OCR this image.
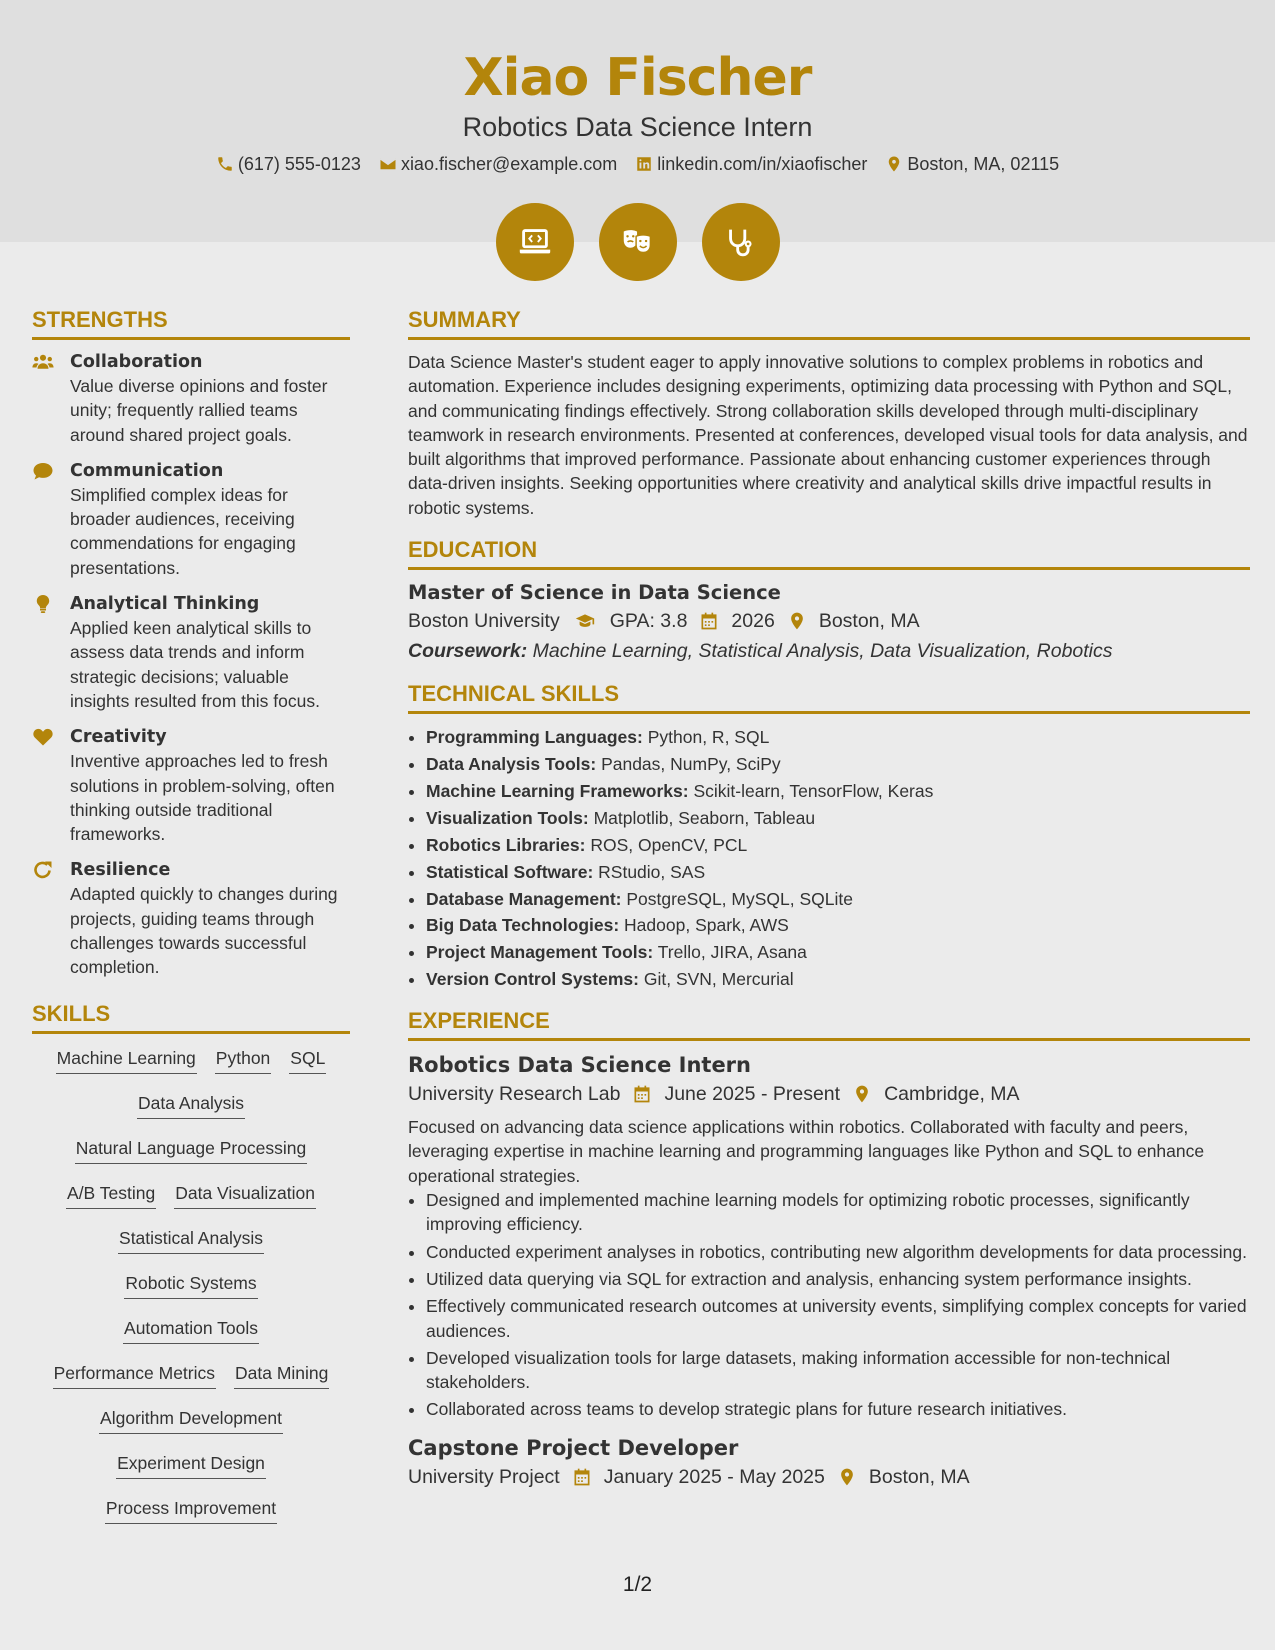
Xiao Fischer
Robotics Data Science Intern
(617) 555-0123 xiao.fischer@example.com linkedin.com/in/xiaofischer Boston, MA, 02115
STRENGTHS
Collaboration
Value diverse opinions and foster unity; frequently rallied teams around shared project goals.
Communication
Simplified complex ideas for broader audiences, receiving commendations for engaging presentations.
Analytical Thinking
Applied keen analytical skills to assess data trends and inform strategic decisions; valuable insights resulted from this focus.
Creativity
Inventive approaches led to fresh solutions in problem-solving, often thinking outside traditional frameworks.
Resilience
Adapted quickly to changes during projects, guiding teams through challenges towards successful completion.
SKILLS
Machine Learning Python SQL
Data Analysis
Natural Language Processing
A/B Testing Data Visualization
Statistical Analysis
Robotic Systems
Automation Tools
Performance Metrics Data Mining
Algorithm Development
Experiment Design
Process Improvement
SUMMARY
Data Science Master's student eager to apply innovative solutions to complex problems in robotics and automation. Experience includes designing experiments, optimizing data processing with Python and SQL, and communicating findings effectively. Strong collaboration skills developed through multi-disciplinary teamwork in research environments. Presented at conferences, developed visual tools for data analysis, and built algorithms that improved performance. Passionate about enhancing customer experiences through data-driven insights. Seeking opportunities where creativity and analytical skills drive impactful results in robotic systems.
EDUCATION
Master of Science in Data Science
Boston University	GPA: 3.8 2026 Boston, MA
Coursework: Machine Learning, Statistical Analysis, Data Visualization, Robotics
TECHNICAL SKILLS
• Programming Languages: Python, R, SQL
• Data Analysis Tools: Pandas, NumPy, SciPy
• Machine Learning Frameworks: Scikit-learn, TensorFlow, Keras
• Visualization Tools: Matplotlib, Seaborn, Tableau
• Robotics Libraries: ROS, OpenCV, PCL
• Statistical Software: RStudio, SAS
• Database Management: PostgreSQL, MySQL, SQLite
• Big Data Technologies: Hadoop, Spark, AWS
• Project Management Tools: Trello, JIRA, Asana
• Version Control Systems: Git, SVN, Mercurial
EXPERIENCE
Robotics Data Science Intern
University Research Lab June 2025 - Present Cambridge, MA
Focused on advancing data science applications within robotics. Collaborated with faculty and peers, leveraging expertise in machine learning and programming languages like Python and SQL to enhance operational strategies.
• Designed and implemented machine learning models for optimizing robotic processes, significantly improving efficiency.
• Conducted experiment analyses in robotics, contributing new algorithm developments for data processing.
• Utilized data querying via SQL for extraction and analysis, enhancing system performance insights.
• Effectively communicated research outcomes at university events, simplifying complex concepts for varied audiences.
• Developed visualization tools for large datasets, making information accessible for non-technical stakeholders.
• Collaborated across teams to develop strategic plans for future research initiatives.
Capstone Project Developer
University Project January 2025 - May 2025 Boston, MA
1/2
